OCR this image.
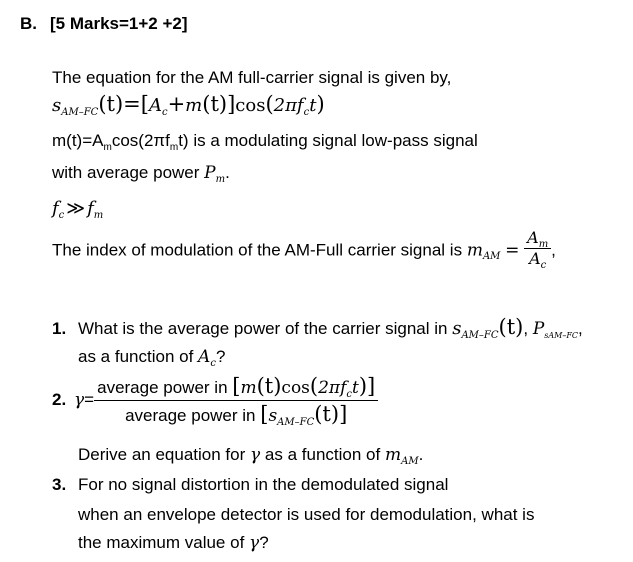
B. [5 Marks=1+2 +2]
The equation for the AM full-carrier signal is given by,
$s_{AM-FC}(t)=[A_c+m(t)]\cos(2\pi f_ct)$
$m(t)=A_m\cos(2\pi f_mt)$ is a modulating signal low-pass signal
with average power $P_m$.
$f_c$ ≫ $f_m$
The index of modulation of the AM-Full carrier signal is $m_{AM} = \frac{A_m}{A_c}$ ,
1. What is the average power of the carrier signal in $s_{AM-FC}(t)$, $P_{sAM-FC}$,
as a function of $A_c$?
2. $\gamma= \frac{average power in [m(t)\cos(2\pi f_ct)]}{average power in [s_{AM-FC}(t)]}$
Derive an equation for γ as a function of $m_{AM}$.
3. For no signal distortion in the demodulated signal
when an envelope detector is used for demodulation, what is
the maximum value of γ?
